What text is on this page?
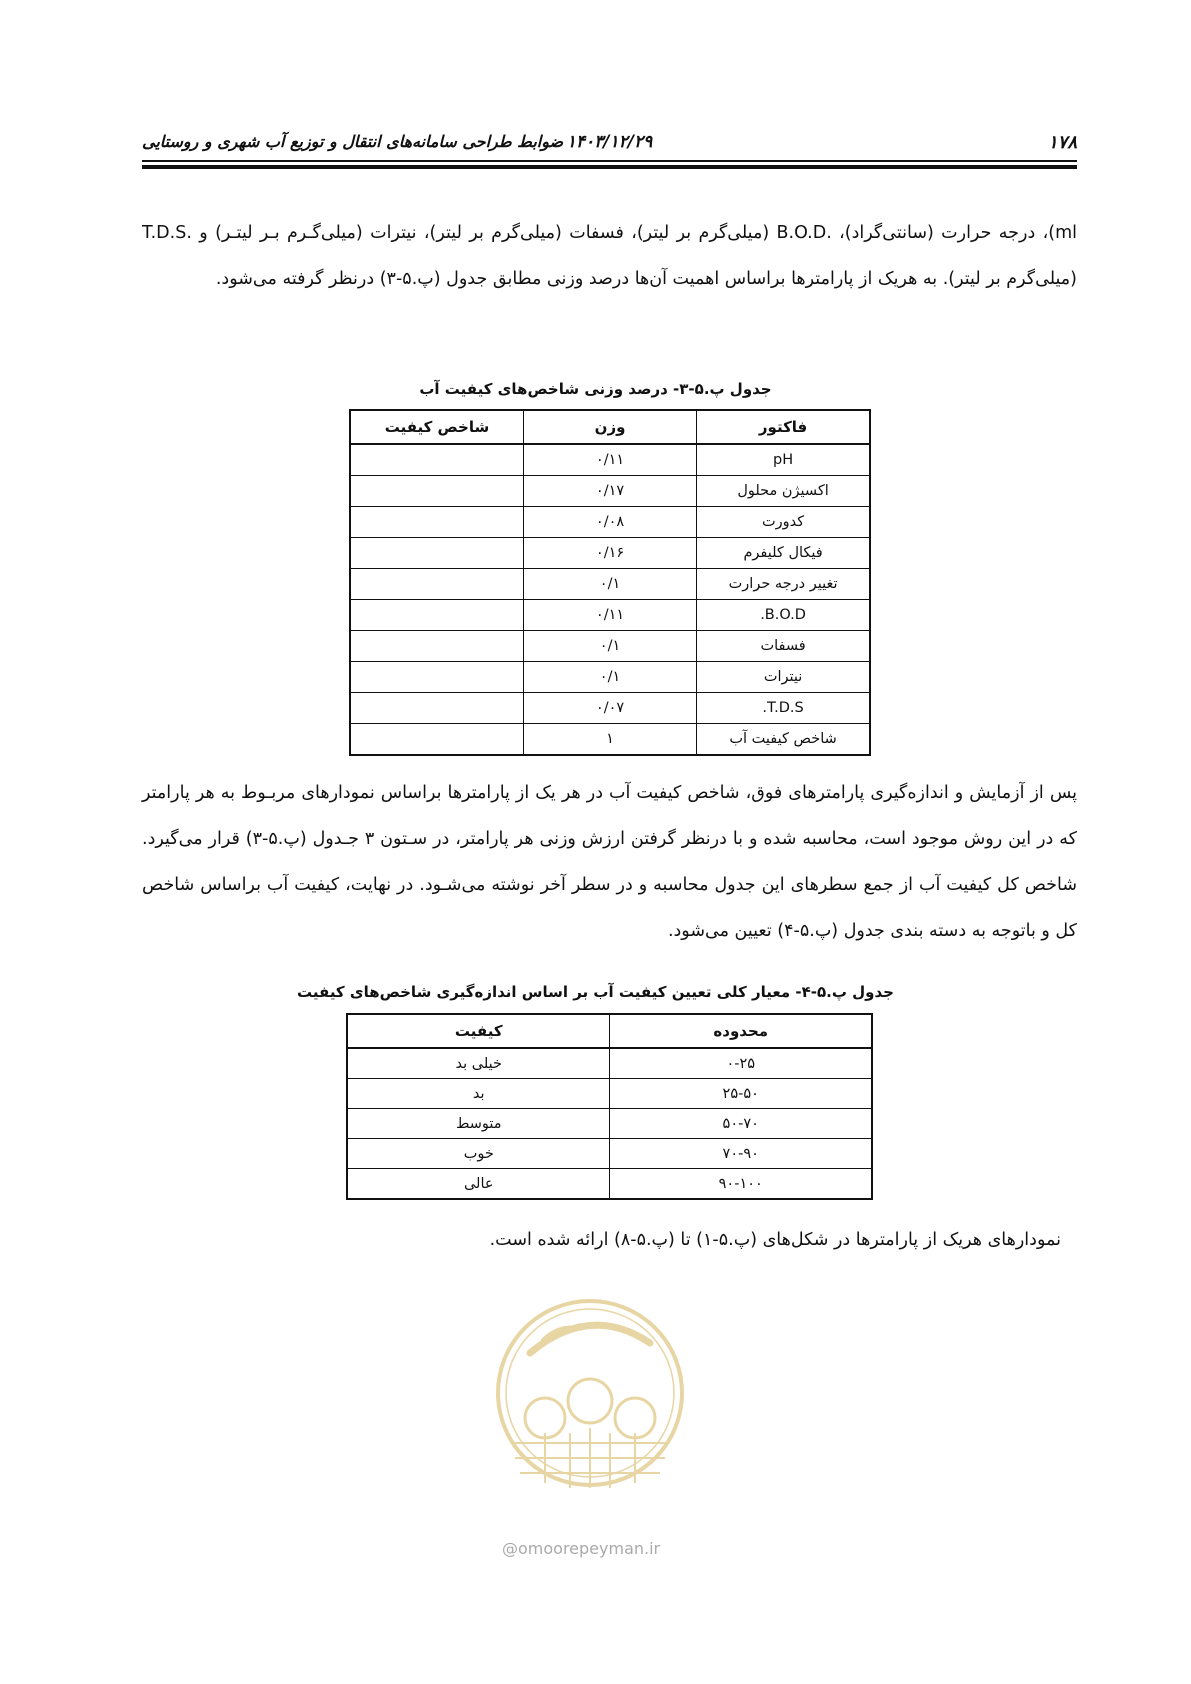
۱۷۸
۱۴۰۳/۱۲/۲۹
ضوابط طراحی سامانه‌های انتقال و توزیع آب شهری و روستایی

ml)، درجه حرارت (سانتی‌گراد)، .B.O.D (میلی‌گرم بر لیتر)، فسفات (میلی‌گرم بر لیتر)، نیترات (میلی‌گـرم بـر لیتـر) و .T.D.S (میلی‌گرم بر لیتر). به هریک از پارامترها براساس اهمیت آن‌ها درصد وزنی مطابق جدول (پ.۵-۳) درنظر گرفته می‌شود.

جدول پ.۵-۳- درصد وزنی شاخص‌های کیفیت آب
فاکتور	وزن	شاخص کیفیت
pH	۰/۱۱	
اکسیژن محلول	۰/۱۷	
کدورت	۰/۰۸	
فیکال کلیفرم	۰/۱۶	
تغییر درجه حرارت	۰/۱	
B.O.D.	۰/۱۱	
فسفات	۰/۱	
نیترات	۰/۱	
T.D.S.	۰/۰۷	
شاخص کیفیت آب	۱	

پس از آزمایش و اندازه‌گیری پارامترهای فوق، شاخص کیفیت آب در هر یک از پارامترها براساس نمودارهای مربـوط به هر پارامتر که در این روش موجود است، محاسبه شده و با درنظر گرفتن ارزش وزنی هر پارامتر، در سـتون ۳ جـدول (پ.۵-۳) قرار می‌گیرد. شاخص کل کیفیت آب از جمع سطرهای این جدول محاسبه و در سطر آخر نوشته می‌شـود. در نهایت، کیفیت آب براساس شاخص کل و باتوجه به دسته بندی جدول (پ.۵-۴) تعیین می‌شود.

جدول پ.۵-۴- معیار کلی تعیین کیفیت آب بر اساس اندازه‌گیری شاخص‌های کیفیت
محدوده	کیفیت
۰-۲۵	خیلی بد
۲۵-۵۰	بد
۵۰-۷۰	متوسط
۷۰-۹۰	خوب
۹۰-۱۰۰	عالی

نمودارهای هریک از پارامترها در شکل‌های (پ.۵-۱) تا (پ.۵-۸) ارائه شده است.

@omoorepeyman.ir
